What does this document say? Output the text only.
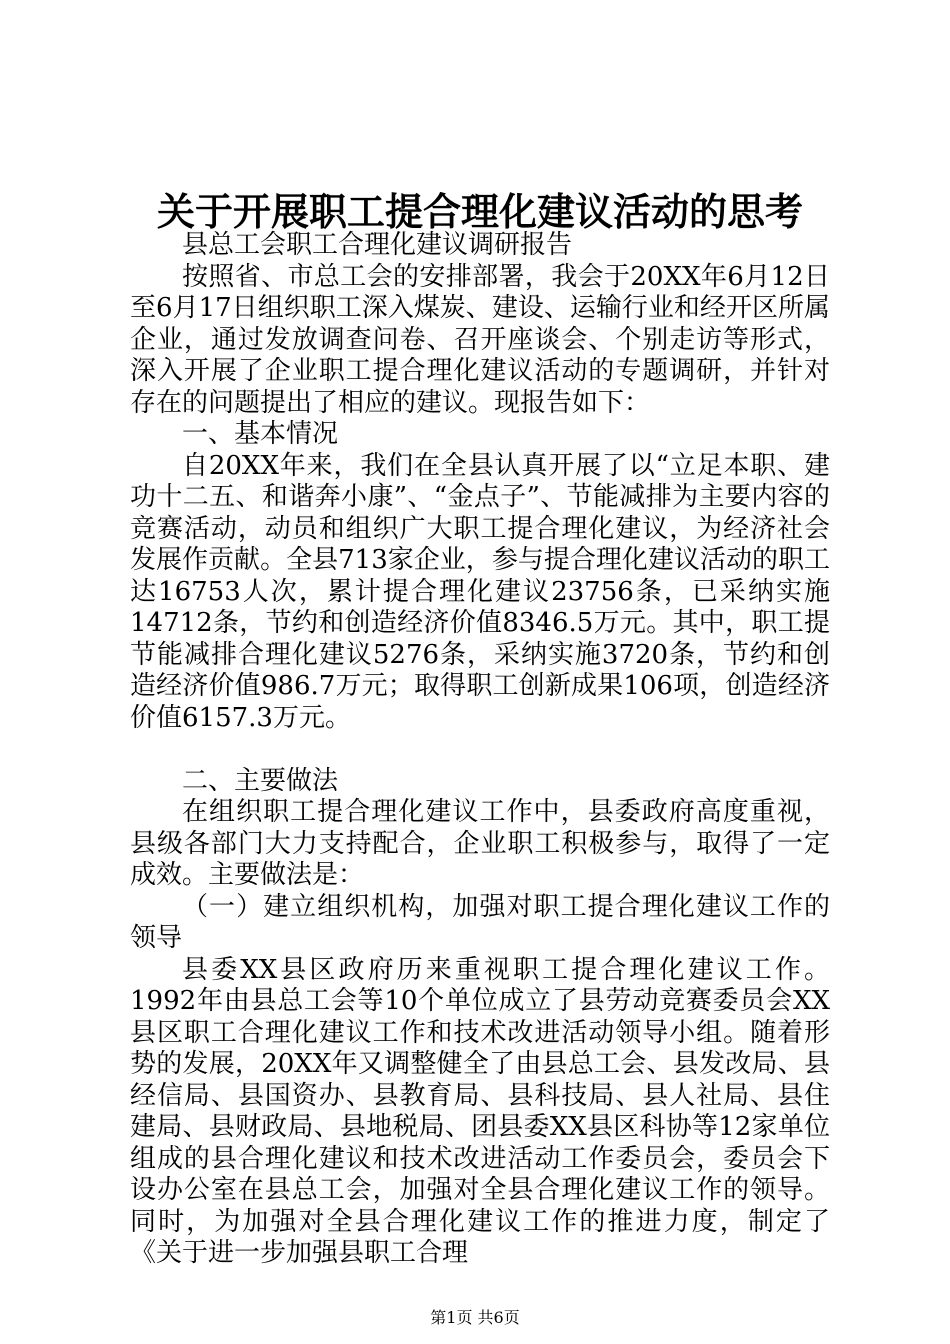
关于开展职工提合理化建议活动的思考

县总工会职工合理化建议调研报告

按照省、市总工会的安排部署，我会于20XX年6月12日至6月17日组织职工深入煤炭、建设、运输行业和经开区所属企业，通过发放调查问卷、召开座谈会、个别走访等形式，深入开展了企业职工提合理化建议活动的专题调研，并针对存在的问题提出了相应的建议。现报告如下：

一、基本情况

自20XX年来，我们在全县认真开展了以“立足本职、建功十二五、和谐奔小康”、“金点子”、节能减排为主要内容的竞赛活动，动员和组织广大职工提合理化建议，为经济社会发展作贡献。全县713家企业，参与提合理化建议活动的职工达16753人次，累计提合理化建议23756条，已采纳实施14712条，节约和创造经济价值8346.5万元。其中，职工提节能减排合理化建议5276条，采纳实施3720条，节约和创造经济价值986.7万元；取得职工创新成果106项，创造经济价值6157.3万元。

二、主要做法

在组织职工提合理化建议工作中，县委政府高度重视，县级各部门大力支持配合，企业职工积极参与，取得了一定成效。主要做法是：

（一）建立组织机构，加强对职工提合理化建议工作的领导

县委XX县区政府历来重视职工提合理化建议工作。1992年由县总工会等10个单位成立了县劳动竞赛委员会XX县区职工合理化建议工作和技术改进活动领导小组。随着形势的发展，20XX年又调整健全了由县总工会、县发改局、县经信局、县国资办、县教育局、县科技局、县人社局、县住建局、县财政局、县地税局、团县委XX县区科协等12家单位组成的县合理化建议和技术改进活动工作委员会，委员会下设办公室在县总工会，加强对全县合理化建议工作的领导。同时，为加强对全县合理化建议工作的推进力度，制定了《关于进一步加强县职工合理

第1页 共6页
